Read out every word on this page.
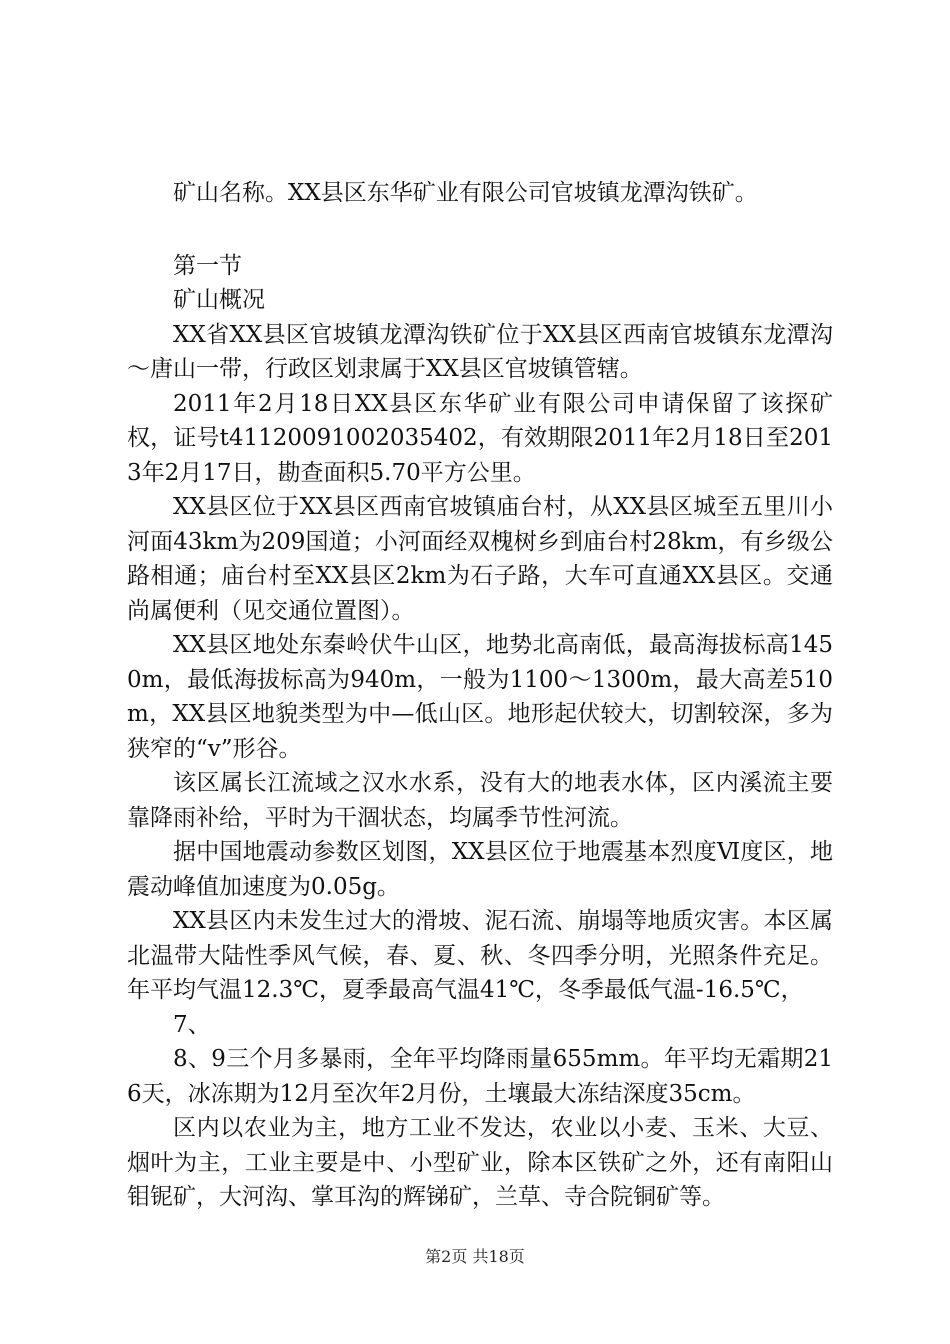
矿山名称。XX县区东华矿业有限公司官坡镇龙潭沟铁矿。

第一节

矿山概况

XX省XX县区官坡镇龙潭沟铁矿位于XX县区西南官坡镇东龙潭沟～唐山一带，行政区划隶属于XX县区官坡镇管辖。

2011年2月18日XX县区东华矿业有限公司申请保留了该探矿权，证号t41120091002035402，有效期限2011年2月18日至2013年2月17日，勘查面积5.70平方公里。

XX县区位于XX县区西南官坡镇庙台村，从XX县区城至五里川小河面43km为209国道；小河面经双槐树乡到庙台村28km，有乡级公路相通；庙台村至XX县区2km为石子路，大车可直通XX县区。交通尚属便利（见交通位置图）。

XX县区地处东秦岭伏牛山区，地势北高南低，最高海拔标高1450m，最低海拔标高为940m，一般为1100～1300m，最大高差510m，XX县区地貌类型为中—低山区。地形起伏较大，切割较深，多为狭窄的“v”形谷。

该区属长江流域之汉水水系，没有大的地表水体，区内溪流主要靠降雨补给，平时为干涸状态，均属季节性河流。

据中国地震动参数区划图，XX县区位于地震基本烈度Ⅵ度区，地震动峰值加速度为0.05g。

XX县区内未发生过大的滑坡、泥石流、崩塌等地质灾害。本区属北温带大陆性季风气候，春、夏、秋、冬四季分明，光照条件充足。年平均气温12.3℃，夏季最高气温41℃，冬季最低气温-16.5℃，

7、

8、9三个月多暴雨，全年平均降雨量655mm。年平均无霜期216天，冰冻期为12月至次年2月份，土壤最大冻结深度35cm。

区内以农业为主，地方工业不发达，农业以小麦、玉米、大豆、烟叶为主，工业主要是中、小型矿业，除本区铁矿之外，还有南阳山钼铌矿，大河沟、掌耳沟的辉锑矿，兰草、寺合院铜矿等。

第2页 共18页
